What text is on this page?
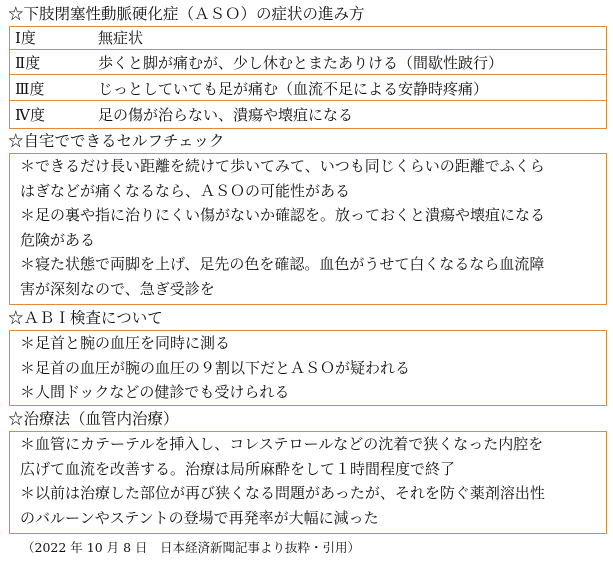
☆下肢閉塞性動脈硬化症（ＡＳＯ）の症状の進み方
Ⅰ度	無症状
Ⅱ度	歩くと脚が痛むが、少し休むとまたありける（間歇性跛行）
Ⅲ度	じっとしていても足が痛む（血流不足による安静時疼痛）
Ⅳ度	足の傷が治らない、潰瘍や壊疽になる
☆自宅でできるセルフチェック
＊できるだけ長い距離を続けて歩いてみて、いつも同じくらいの距離でふくら
はぎなどが痛くなるなら、ＡＳＯの可能性がある
＊足の裏や指に治りにくい傷がないか確認を。放っておくと潰瘍や壊疽になる
危険がある
＊寝た状態で両脚を上げ、足先の色を確認。血色がうせて白くなるなら血流障
害が深刻なので、急ぎ受診を
☆ＡＢＩ検査について
＊足首と腕の血圧を同時に測る
＊足首の血圧が腕の血圧の９割以下だとＡＳＯが疑われる
＊人間ドックなどの健診でも受けられる
☆治療法（血管内治療）
＊血管にカテーテルを挿入し、コレステロールなどの沈着で狭くなった内腔を
広げて血流を改善する。治療は局所麻酔をして１時間程度で終了
＊以前は治療した部位が再び狭くなる問題があったが、それを防ぐ薬剤溶出性
のバルーンやステントの登場で再発率が大幅に減った
（2022 年 10 月 8 日　日本経済新聞記事より抜粋・引用）
